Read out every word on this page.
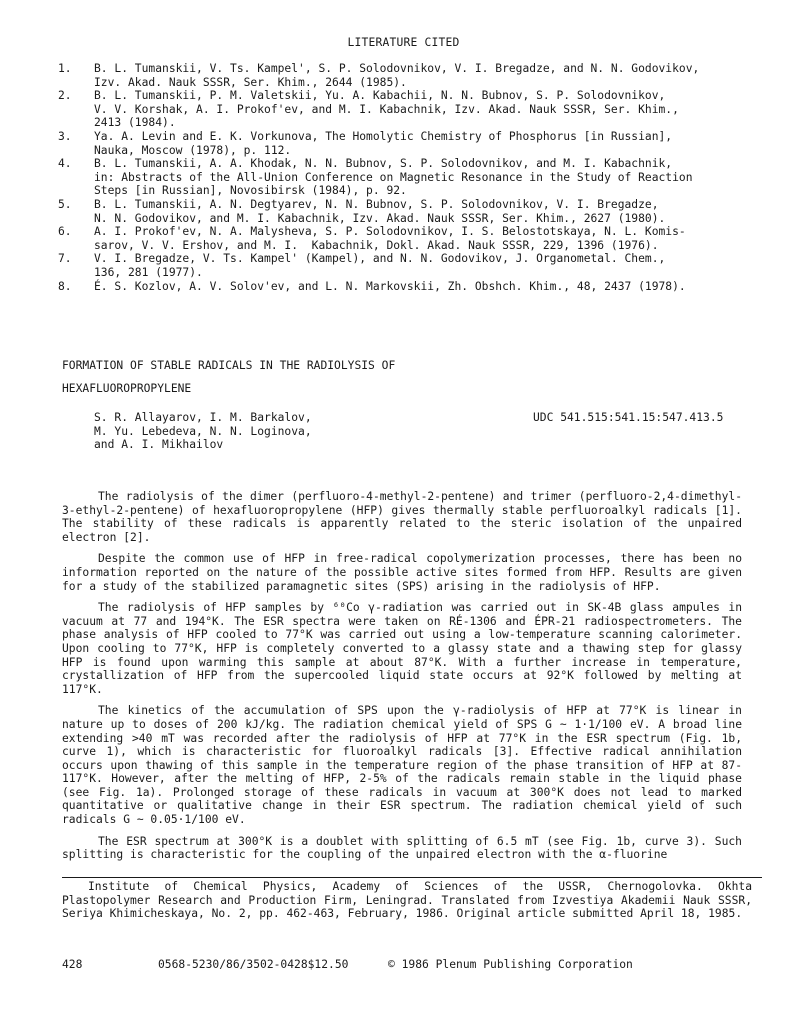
LITERATURE CITED
1.	B. L. Tumanskii, V. Ts. Kampel', S. P. Solodovnikov, V. I. Bregadze, and N. N. Godovikov,
Izv. Akad. Nauk SSSR, Ser. Khim., 2644 (1985).
2.	B. L. Tumanskii, P. M. Valetskii, Yu. A. Kabachii, N. N. Bubnov, S. P. Solodovnikov,
V. V. Korshak, A. I. Prokof'ev, and M. I. Kabachnik, Izv. Akad. Nauk SSSR, Ser. Khim.,
2413 (1984).
3.	Ya. A. Levin and E. K. Vorkunova, The Homolytic Chemistry of Phosphorus [in Russian],
Nauka, Moscow (1978), p. 112.
4.	B. L. Tumanskii, A. A. Khodak, N. N. Bubnov, S. P. Solodovnikov, and M. I. Kabachnik,
in: Abstracts of the All-Union Conference on Magnetic Resonance in the Study of Reaction
Steps [in Russian], Novosibirsk (1984), p. 92.
5.	B. L. Tumanskii, A. N. Degtyarev, N. N. Bubnov, S. P. Solodovnikov, V. I. Bregadze,
N. N. Godovikov, and M. I. Kabachnik, Izv. Akad. Nauk SSSR, Ser. Khim., 2627 (1980).
6.	A. I. Prokof'ev, N. A. Malysheva, S. P. Solodovnikov, I. S. Belostotskaya, N. L. Komis-
sarov, V. V. Ershov, and M. I.  Kabachnik, Dokl. Akad. Nauk SSSR, 229, 1396 (1976).
7.	V. I. Bregadze, V. Ts. Kampel' (Kampel), and N. N. Godovikov, J. Organometal. Chem.,
136, 281 (1977).
8.	É. S. Kozlov, A. V. Solov'ev, and L. N. Markovskii, Zh. Obshch. Khim., 48, 2437 (1978).
FORMATION OF STABLE RADICALS IN THE RADIOLYSIS OF
HEXAFLUOROPROPYLENE
S. R. Allayarov, I. M. Barkalov,
M. Yu. Lebedeva, N. N. Loginova,
and A. I. Mikhailov
UDC 541.515:541.15:547.413.5

The radiolysis of the dimer (perfluoro-4-methyl-2-pentene) and trimer (perfluoro-2,4-dimethyl-3-ethyl-2-pentene) of hexafluoropropylene (HFP) gives thermally stable perfluoroalkyl radicals [1]. The stability of these radicals is apparently related to the steric isolation of the unpaired electron [2].

Despite the common use of HFP in free-radical copolymerization processes, there has been no information reported on the nature of the possible active sites formed from HFP. Results are given for a study of the stabilized paramagnetic sites (SPS) arising in the radiolysis of HFP.

The radiolysis of HFP samples by ⁶⁰Co γ-radiation was carried out in SK-4B glass ampules in vacuum at 77 and 194°K. The ESR spectra were taken on RÉ-1306 and ÉPR-21 radiospectrometers. The phase analysis of HFP cooled to 77°K was carried out using a low-temperature scanning calorimeter. Upon cooling to 77°K, HFP is completely converted to a glassy state and a thawing step for glassy HFP is found upon warming this sample at about 87°K. With a further increase in temperature, crystallization of HFP from the supercooled liquid state occurs at 92°K followed by melting at 117°K.

The kinetics of the accumulation of SPS upon the γ-radiolysis of HFP at 77°K is linear in nature up to doses of 200 kJ/kg. The radiation chemical yield of SPS G ~ 1·1/100 eV. A broad line extending >40 mT was recorded after the radiolysis of HFP at 77°K in the ESR spectrum (Fig. 1b, curve 1), which is characteristic for fluoroalkyl radicals [3]. Effective radical annihilation occurs upon thawing of this sample in the temperature region of the phase transition of HFP at 87-117°K. However, after the melting of HFP, 2-5% of the radicals remain stable in the liquid phase (see Fig. 1a). Prolonged storage of these radicals in vacuum at 300°K does not lead to marked quantitative or qualitative change in their ESR spectrum. The radiation chemical yield of such radicals G ~ 0.05·1/100 eV.

The ESR spectrum at 300°K is a doublet with splitting of 6.5 mT (see Fig. 1b, curve 3). Such splitting is characteristic for the coupling of the unpaired electron with the α-fluorine

Institute of Chemical Physics, Academy of Sciences of the USSR, Chernogolovka. Okhta Plastopolymer Research and Production Firm, Leningrad. Translated from Izvestiya Akademii Nauk SSSR, Seriya Khimicheskaya, No. 2, pp. 462-463, February, 1986. Original article submitted April 18, 1985.

428	0568-5230/86/3502-0428$12.50	© 1986 Plenum Publishing Corporation
